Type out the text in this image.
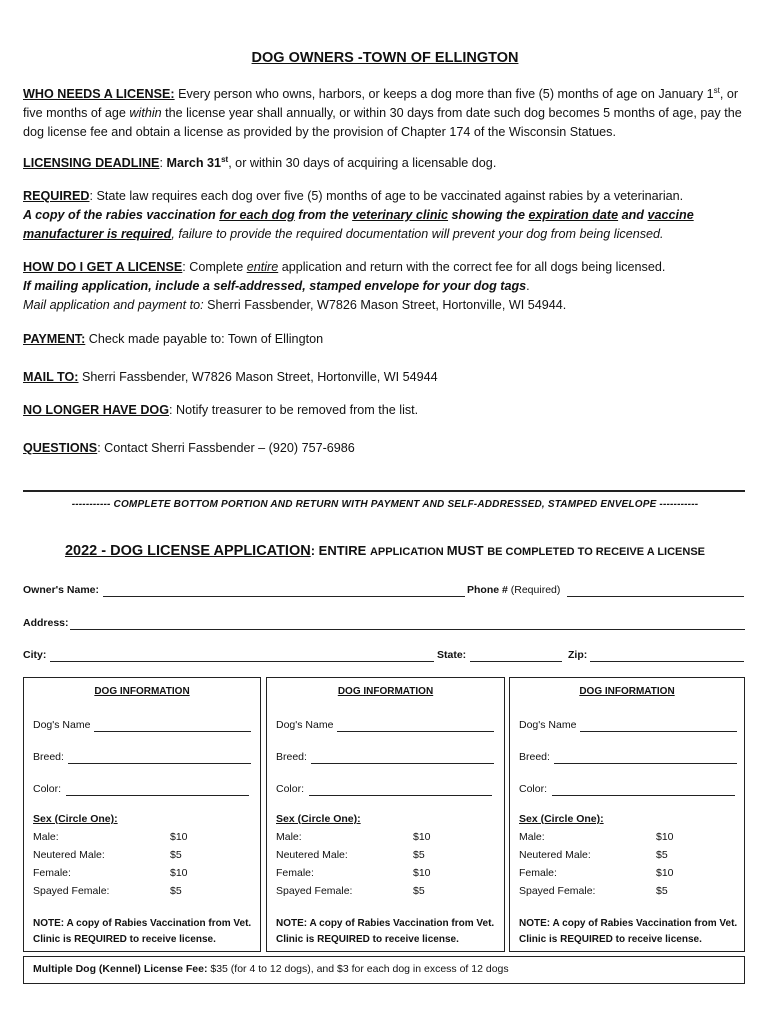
DOG OWNERS -TOWN OF ELLINGTON
WHO NEEDS A LICENSE: Every person who owns, harbors, or keeps a dog more than five (5) months of age on January 1st, or five months of age within the license year shall annually, or within 30 days from date such dog becomes 5 months of age, pay the dog license fee and obtain a license as provided by the provision of Chapter 174 of the Wisconsin Statues.
LICENSING DEADLINE: March 31st, or within 30 days of acquiring a licensable dog.
REQUIRED: State law requires each dog over five (5) months of age to be vaccinated against rabies by a veterinarian.
A copy of the rabies vaccination for each dog from the veterinary clinic showing the expiration date and vaccine manufacturer is required, failure to provide the required documentation will prevent your dog from being licensed.
HOW DO I GET A LICENSE: Complete entire application and return with the correct fee for all dogs being licensed.
If mailing application, include a self-addressed, stamped envelope for your dog tags.
Mail application and payment to: Sherri Fassbender, W7826 Mason Street, Hortonville, WI 54944.
PAYMENT: Check made payable to: Town of Ellington
MAIL TO: Sherri Fassbender, W7826 Mason Street, Hortonville, WI 54944
NO LONGER HAVE DOG: Notify treasurer to be removed from the list.
QUESTIONS: Contact Sherri Fassbender – (920) 757-6986
----------- COMPLETE BOTTOM PORTION AND RETURN WITH PAYMENT AND SELF-ADDRESSED, STAMPED ENVELOPE -----------
2022 - DOG LICENSE APPLICATION: ENTIRE APPLICATION MUST BE COMPLETED TO RECEIVE A LICENSE
Owner's Name:	Phone # (Required)
Address:
City:	State:	Zip:
DOG INFORMATION
Dog's Name
Breed:
Color:
Sex (Circle One):
Male:	$10
Neutered Male:	$5
Female:	$10
Spayed Female:	$5
NOTE: A copy of Rabies Vaccination from Vet. Clinic is REQUIRED to receive license.
DOG INFORMATION
Dog's Name
Breed:
Color:
Sex (Circle One):
Male:	$10
Neutered Male:	$5
Female:	$10
Spayed Female:	$5
NOTE: A copy of Rabies Vaccination from Vet. Clinic is REQUIRED to receive license.
DOG INFORMATION
Dog's Name
Breed:
Color:
Sex (Circle One):
Male:	$10
Neutered Male:	$5
Female:	$10
Spayed Female:	$5
NOTE: A copy of Rabies Vaccination from Vet. Clinic is REQUIRED to receive license.
Multiple Dog (Kennel) License Fee: $35 (for 4 to 12 dogs), and $3 for each dog in excess of 12 dogs
